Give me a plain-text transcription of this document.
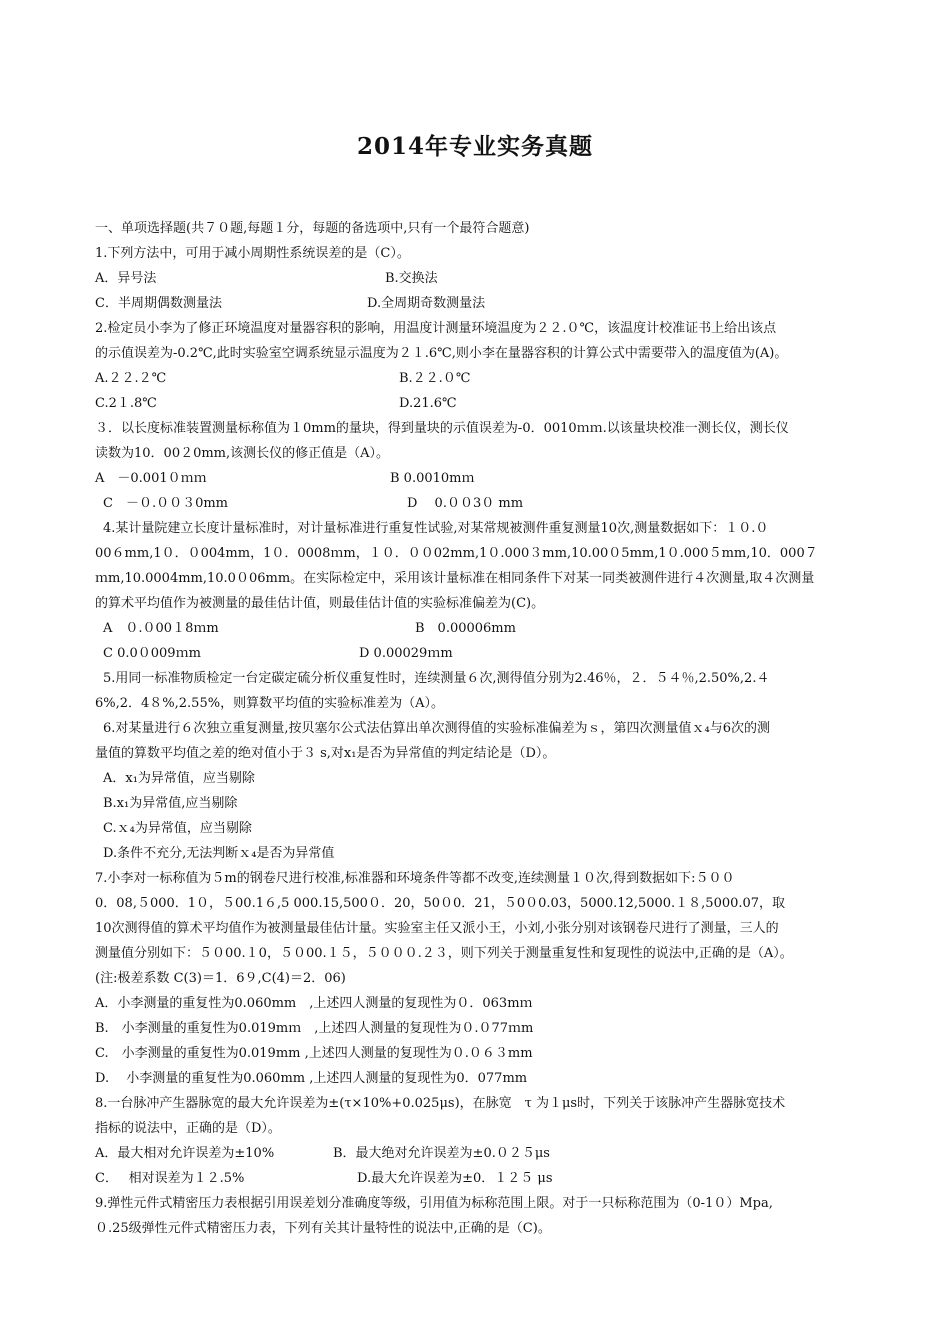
2014年专业实务真题
一、单项选择题(共７０题,每题１分，每题的备选项中,只有一个最符合题意)
1.下列方法中，可用于减小周期性系统误差的是（C）。
A．异号法	B.交换法
C．半周期偶数测量法	D.全周期奇数测量法
2.检定员小李为了修正环境温度对量器容积的影响，用温度计测量环境温度为２２.０℃，该温度计校准证书上给出该点
的示值误差为-0.2℃,此时实验室空调系统显示温度为２１.6℃,则小李在量器容积的计算公式中需要带入的温度值为(A)。
A.２２.２℃	B.２２.０℃
C.2１.8℃	D.21.6℃
３．以长度标准装置测量标称值为１0mm的量块，得到量块的示值误差为-0．0010ｍｍ.以该量块校准一测长仪，测长仪
读数为10．00２0mm,该测长仪的修正值是（A）。
A　－0.001０ｍｍ	B 0.0010mｍ
C　－０.００３0mm	D　 0.００3０ mm
4.某计量院建立长度计量标准时，对计量标准进行重复性试验,对某常规被测件重复测量10次,测量数据如下：１０.０
00６mm,1０．０004mm，1０．0008ｍm，１０．００02mm,1０.000３mm,10.00０5mm,1０.000５mm,10．000７
ｍm,10.0004mm,10.0０06mm。在实际检定中，采用该计量标准在相同条件下对某一同类被测件进行４次测量,取４次测量
的算术平均值作为被测量的最佳估计值，则最佳估计值的实验标准偏差为(C)。
A　０.０00１8ｍm	B　0.00006mm
C 0.0０009ｍm	D 0.00029ｍm
5.用同一标准物质检定一台定碳定硫分析仪重复性时，连续测量６次,测得值分别为2.46％，２．５４％,2.50%,2.４
6%,2．4８%,2.55%，则算数平均值的实验标准差为（A）。
6.对某量进行６次独立重复测量,按贝塞尔公式法估算出单次测得值的实验标准偏差为ｓ，第四次测量值ｘ₄与6次的测
量值的算数平均值之差的绝对值小于３ s,对x₁是否为异常值的判定结论是（D）。
A．x₁为异常值，应当剔除
B.x₁为异常值,应当剔除
C.ｘ₄为异常值，应当剔除
D.条件不充分,无法判断ｘ₄是否为异常值
7.小李对一标称值为５m的钢卷尺进行校准,标准器和环境条件等都不改变,连续测量１０次,得到数据如下:５００
0．08,５000．1０，５00.1６,5 000.15,500０．20，50０0．21，５0０0.03，5000.12,5000.１８,5000.07，取
10次测得值的算术平均值作为被测量最佳估计量。实验室主任又派小王，小刘,小张分别对该钢卷尺进行了测量，三人的
测量值分别如下：５０00.１0，５０00.１５，５０００.２３，则下列关于测量重复性和复现性的说法中,正确的是（A）。
(注:极差系数 C(3)＝1．6９,C(4)＝2．06)
A．小李测量的重复性为0.060mm　,上述四人测量的复现性为０．063mｍ
B.　小李测量的重复性为0.019mｍ　,上述四人测量的复现性为０.０77ｍm
C.　小李测量的重复性为0.019mm ,上述四人测量的复现性为０.０６３mm
D.　 小李测量的重复性为0.060mm ,上述四人测量的复现性为0．077mm
8.一台脉冲产生器脉宽的最大允许误差为±(τ×10%+0.025μs)，在脉宽　τ 为１μs时，下列关于该脉冲产生器脉宽技术
指标的说法中，正确的是（D）。
A．最大相对允许误差为±10%	B．最大绝对允许误差为±0.０２５μs
C．　 相对误差为１２.5%	D.最大允许误差为±0．１２５ μs
9.弹性元件式精密压力表根据引用误差划分准确度等级，引用值为标称范围上限。对于一只标称范围为（0-1０）Mpa,
０.25级弹性元件式精密压力表，下列有关其计量特性的说法中,正确的是（C)。
